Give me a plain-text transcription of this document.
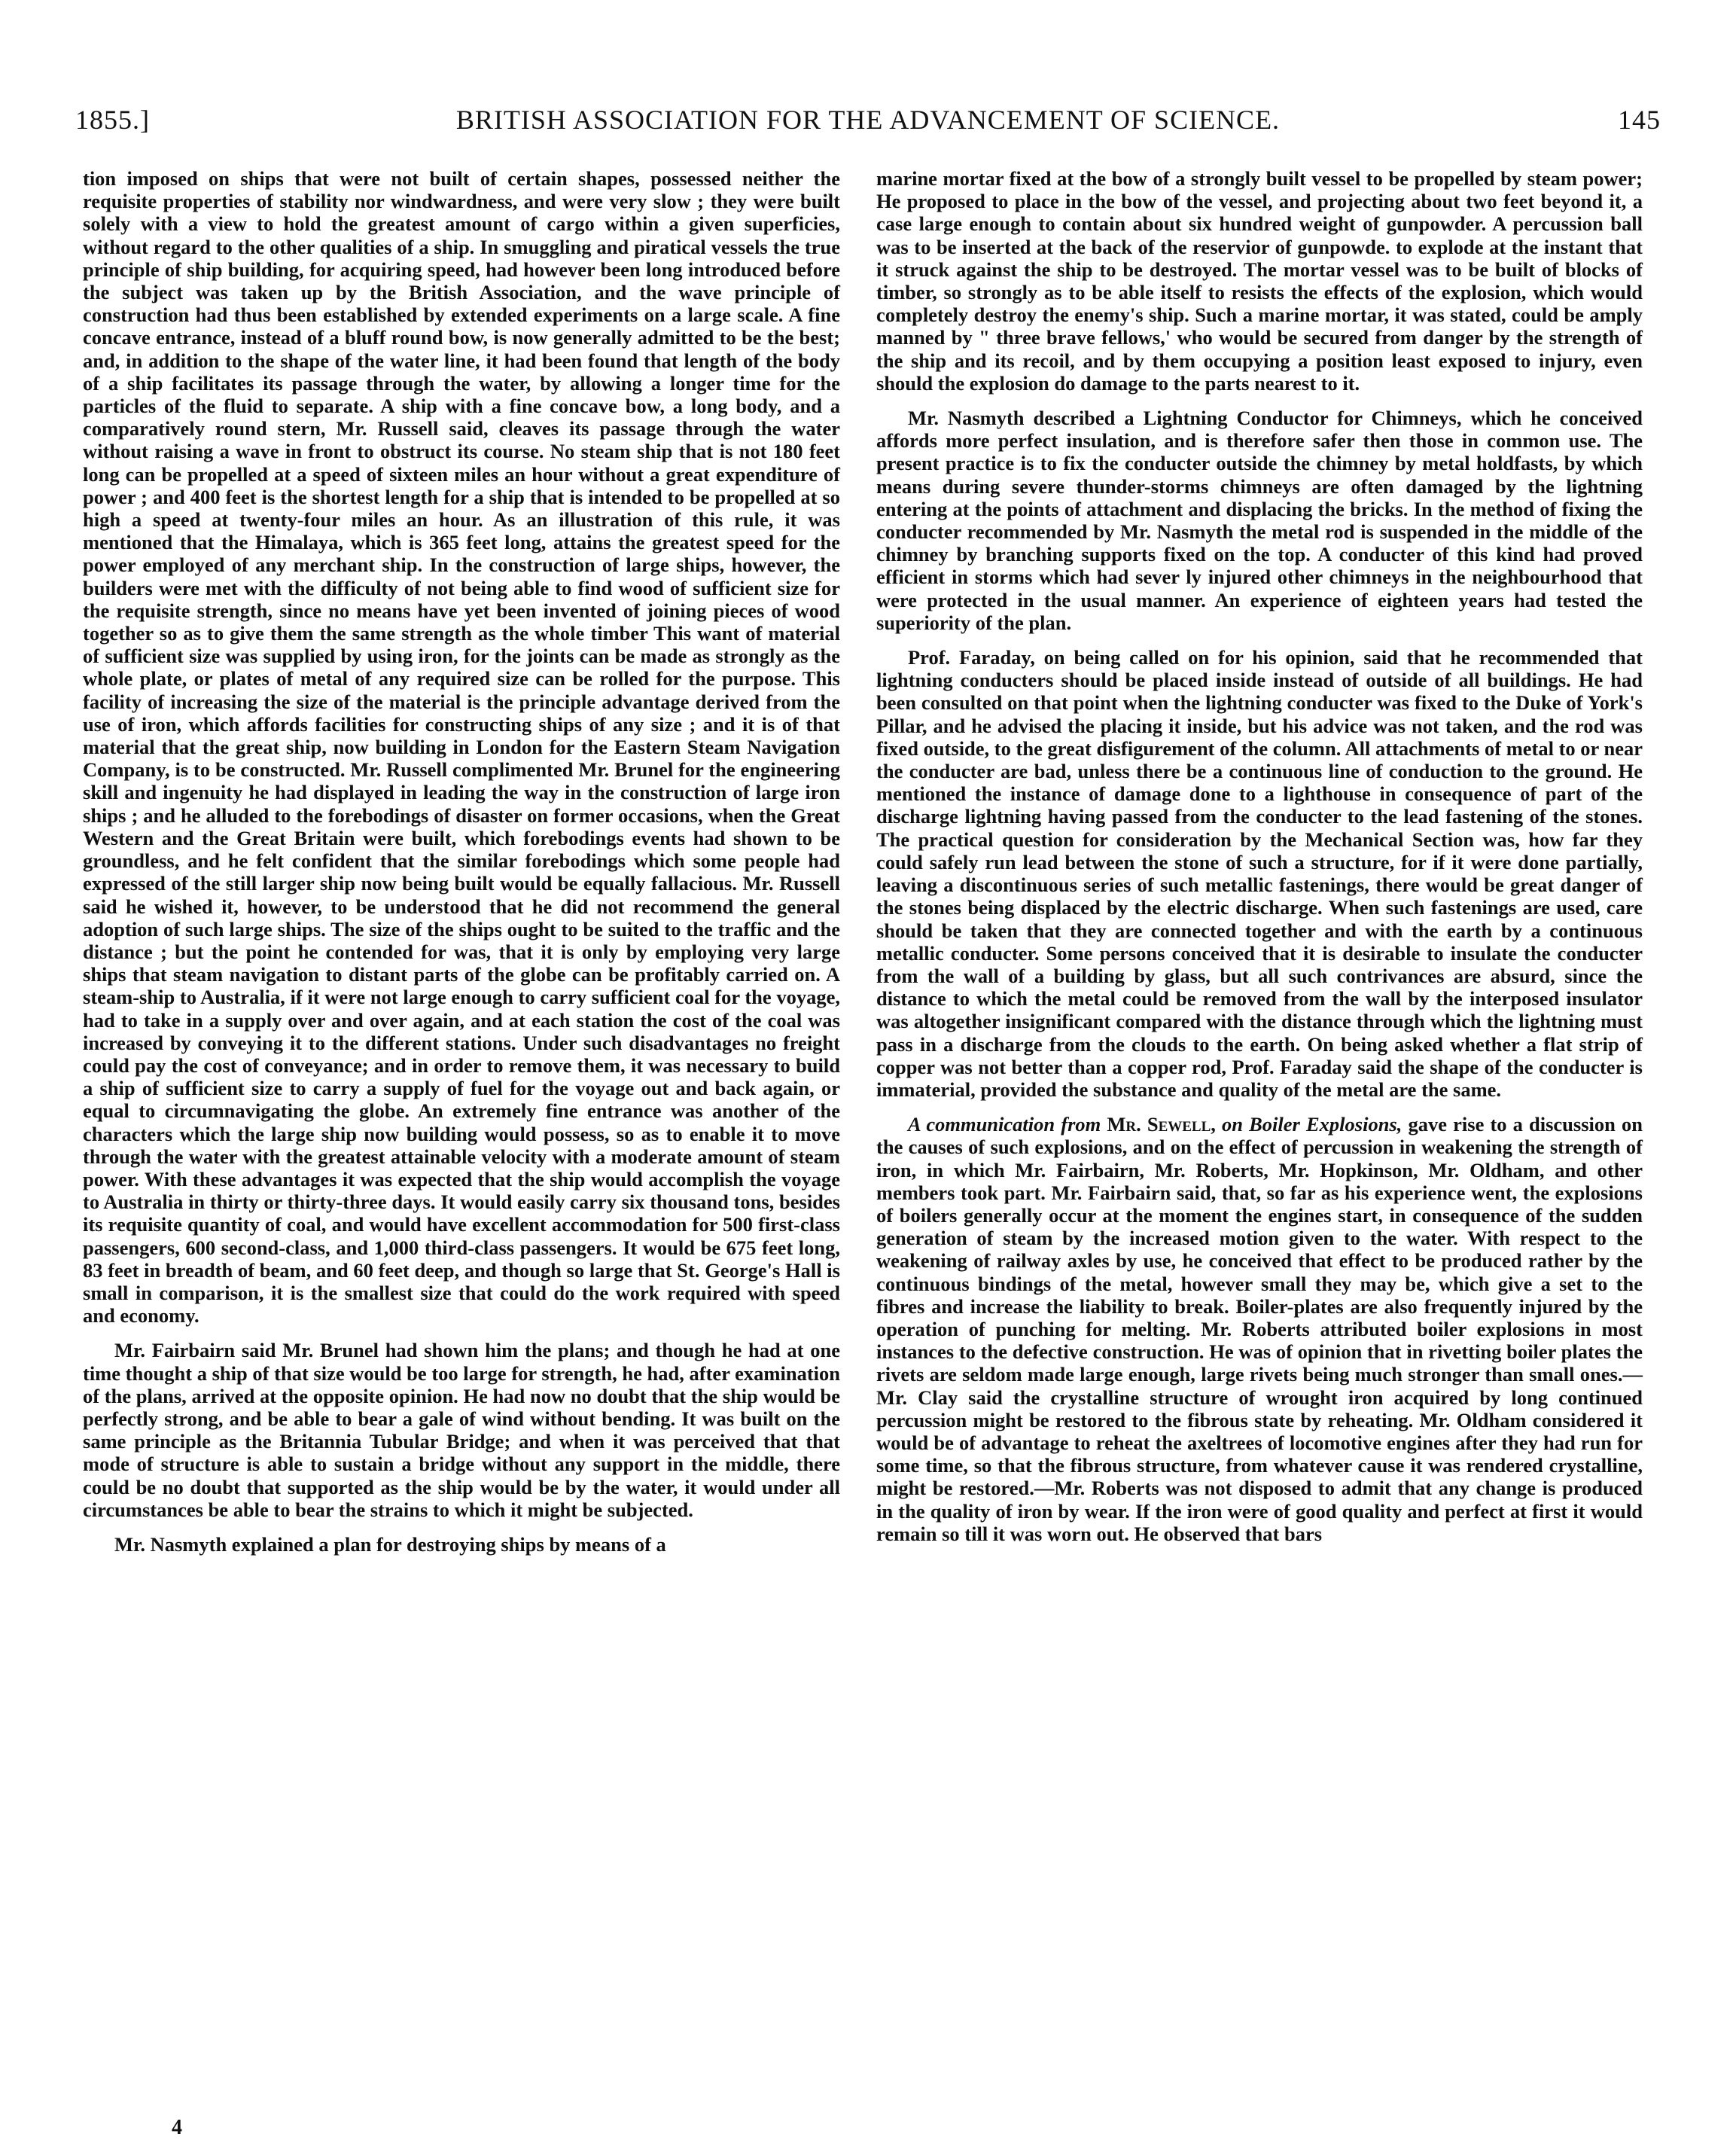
1855.]	BRITISH ASSOCIATION FOR THE ADVANCEMENT OF SCIENCE.	145

tion imposed on ships that were not built of certain shapes, possessed neither the requisite properties of stability nor windwardness, and were very slow ; they were built solely with a view to hold the greatest amount of cargo within a given superficies, without regard to the other qualities of a ship. In smuggling and piratical vessels the true principle of ship building, for acquiring speed, had however been long introduced before the subject was taken up by the British Association, and the wave principle of construction had thus been established by extended experiments on a large scale. A fine concave entrance, instead of a bluff round bow, is now generally admitted to be the best; and, in addition to the shape of the water line, it had been found that length of the body of a ship facilitates its passage through the water, by allowing a longer time for the particles of the fluid to separate. A ship with a fine concave bow, a long body, and a comparatively round stern, Mr. Russell said, cleaves its passage through the water without raising a wave in front to obstruct its course. No steam ship that is not 180 feet long can be propelled at a speed of sixteen miles an hour without a great expenditure of power ; and 400 feet is the shortest length for a ship that is intended to be propelled at so high a speed at twenty-four miles an hour. As an illustration of this rule, it was mentioned that the Himalaya, which is 365 feet long, attains the greatest speed for the power employed of any merchant ship. In the construction of large ships, however, the builders were met with the difficulty of not being able to find wood of sufficient size for the requisite strength, since no means have yet been invented of joining pieces of wood together so as to give them the same strength as the whole timber This want of material of sufficient size was supplied by using iron, for the joints can be made as strongly as the whole plate, or plates of metal of any required size can be rolled for the purpose. This facility of increasing the size of the material is the principle advantage derived from the use of iron, which affords facilities for constructing ships of any size ; and it is of that material that the great ship, now building in London for the Eastern Steam Navigation Company, is to be constructed. Mr. Russell complimented Mr. Brunel for the engineering skill and ingenuity he had displayed in leading the way in the construction of large iron ships ; and he alluded to the forebodings of disaster on former occasions, when the Great Western and the Great Britain were built, which forebodings events had shown to be groundless, and he felt confident that the similar forebodings which some people had expressed of the still larger ship now being built would be equally fallacious. Mr. Russell said he wished it, however, to be understood that he did not recommend the general adoption of such large ships. The size of the ships ought to be suited to the traffic and the distance ; but the point he contended for was, that it is only by employing very large ships that steam navigation to distant parts of the globe can be profitably carried on. A steam-ship to Australia, if it were not large enough to carry sufficient coal for the voyage, had to take in a supply over and over again, and at each station the cost of the coal was increased by conveying it to the different stations. Under such disadvantages no freight could pay the cost of conveyance; and in order to remove them, it was necessary to build a ship of sufficient size to carry a supply of fuel for the voyage out and back again, or equal to circumnavigating the globe. An extremely fine entrance was another of the characters which the large ship now building would possess, so as to enable it to move through the water with the greatest attainable velocity with a moderate amount of steam power. With these advantages it was expected that the ship would accomplish the voyage to Australia in thirty or thirty-three days. It would easily carry six thousand tons, besides its requisite quantity of coal, and would have excellent accommodation for 500 first-class passengers, 600 second-class, and 1,000 third-class passengers. It would be 675 feet long, 83 feet in breadth of beam, and 60 feet deep, and though so large that St. George's Hall is small in comparison, it is the smallest size that could do the work required with speed and economy.

Mr. Fairbairn said Mr. Brunel had shown him the plans; and though he had at one time thought a ship of that size would be too large for strength, he had, after examination of the plans, arrived at the opposite opinion. He had now no doubt that the ship would be perfectly strong, and be able to bear a gale of wind without bending. It was built on the same principle as the Britannia Tubular Bridge; and when it was perceived that that mode of structure is able to sustain a bridge without any support in the middle, there could be no doubt that supported as the ship would be by the water, it would under all circumstances be able to bear the strains to which it might be subjected.

Mr. Nasmyth explained a plan for destroying ships by means of a

marine mortar fixed at the bow of a strongly built vessel to be propelled by steam power; He proposed to place in the bow of the vessel, and projecting about two feet beyond it, a case large enough to contain about six hundred weight of gunpowder. A percussion ball was to be inserted at the back of the reservior of gunpowde. to explode at the instant that it struck against the ship to be destroyed. The mortar vessel was to be built of blocks of timber, so strongly as to be able itself to resists the effects of the explosion, which would completely destroy the enemy's ship. Such a marine mortar, it was stated, could be amply manned by " three brave fellows,' who would be secured from danger by the strength of the ship and its recoil, and by them occupying a position least exposed to injury, even should the explosion do damage to the parts nearest to it.

Mr. Nasmyth described a Lightning Conductor for Chimneys, which he conceived affords more perfect insulation, and is therefore safer then those in common use. The present practice is to fix the conducter outside the chimney by metal holdfasts, by which means during severe thunder-storms chimneys are often damaged by the lightning entering at the points of attachment and displacing the bricks. In the method of fixing the conducter recommended by Mr. Nasmyth the metal rod is suspended in the middle of the chimney by branching supports fixed on the top. A conducter of this kind had proved efficient in storms which had sever ly injured other chimneys in the neighbourhood that were protected in the usual manner. An experience of eighteen years had tested the superiority of the plan.

Prof. Faraday, on being called on for his opinion, said that he recommended that lightning conducters should be placed inside instead of outside of all buildings. He had been consulted on that point when the lightning conducter was fixed to the Duke of York's Pillar, and he advised the placing it inside, but his advice was not taken, and the rod was fixed outside, to the great disfigurement of the column. All attachments of metal to or near the conducter are bad, unless there be a continuous line of conduction to the ground. He mentioned the instance of damage done to a lighthouse in consequence of part of the discharge lightning having passed from the conducter to the lead fastening of the stones. The practical question for consideration by the Mechanical Section was, how far they could safely run lead between the stone of such a structure, for if it were done partially, leaving a discontinuous series of such metallic fastenings, there would be great danger of the stones being displaced by the electric discharge. When such fastenings are used, care should be taken that they are connected together and with the earth by a continuous metallic conducter. Some persons conceived that it is desirable to insulate the conducter from the wall of a building by glass, but all such contrivances are absurd, since the distance to which the metal could be removed from the wall by the interposed insulator was altogether insignificant compared with the distance through which the lightning must pass in a discharge from the clouds to the earth. On being asked whether a flat strip of copper was not better than a copper rod, Prof. Faraday said the shape of the conducter is immaterial, provided the substance and quality of the metal are the same.

A communication from Mr. Sewell, on Boiler Explosions, gave rise to a discussion on the causes of such explosions, and on the effect of percussion in weakening the strength of iron, in which Mr. Fairbairn, Mr. Roberts, Mr. Hopkinson, Mr. Oldham, and other members took part. Mr. Fairbairn said, that, so far as his experience went, the explosions of boilers generally occur at the moment the engines start, in consequence of the sudden generation of steam by the increased motion given to the water. With respect to the weakening of railway axles by use, he conceived that effect to be produced rather by the continuous bindings of the metal, however small they may be, which give a set to the fibres and increase the liability to break. Boiler-plates are also frequently injured by the operation of punching for melting. Mr. Roberts attributed boiler explosions in most instances to the defective construction. He was of opinion that in rivetting boiler plates the rivets are seldom made large enough, large rivets being much stronger than small ones.—Mr. Clay said the crystalline structure of wrought iron acquired by long continued percussion might be restored to the fibrous state by reheating. Mr. Oldham considered it would be of advantage to reheat the axeltrees of locomotive engines after they had run for some time, so that the fibrous structure, from whatever cause it was rendered crystalline, might be restored.—Mr. Roberts was not disposed to admit that any change is produced in the quality of iron by wear. If the iron were of good quality and perfect at first it would remain so till it was worn out. He observed that bars

4
